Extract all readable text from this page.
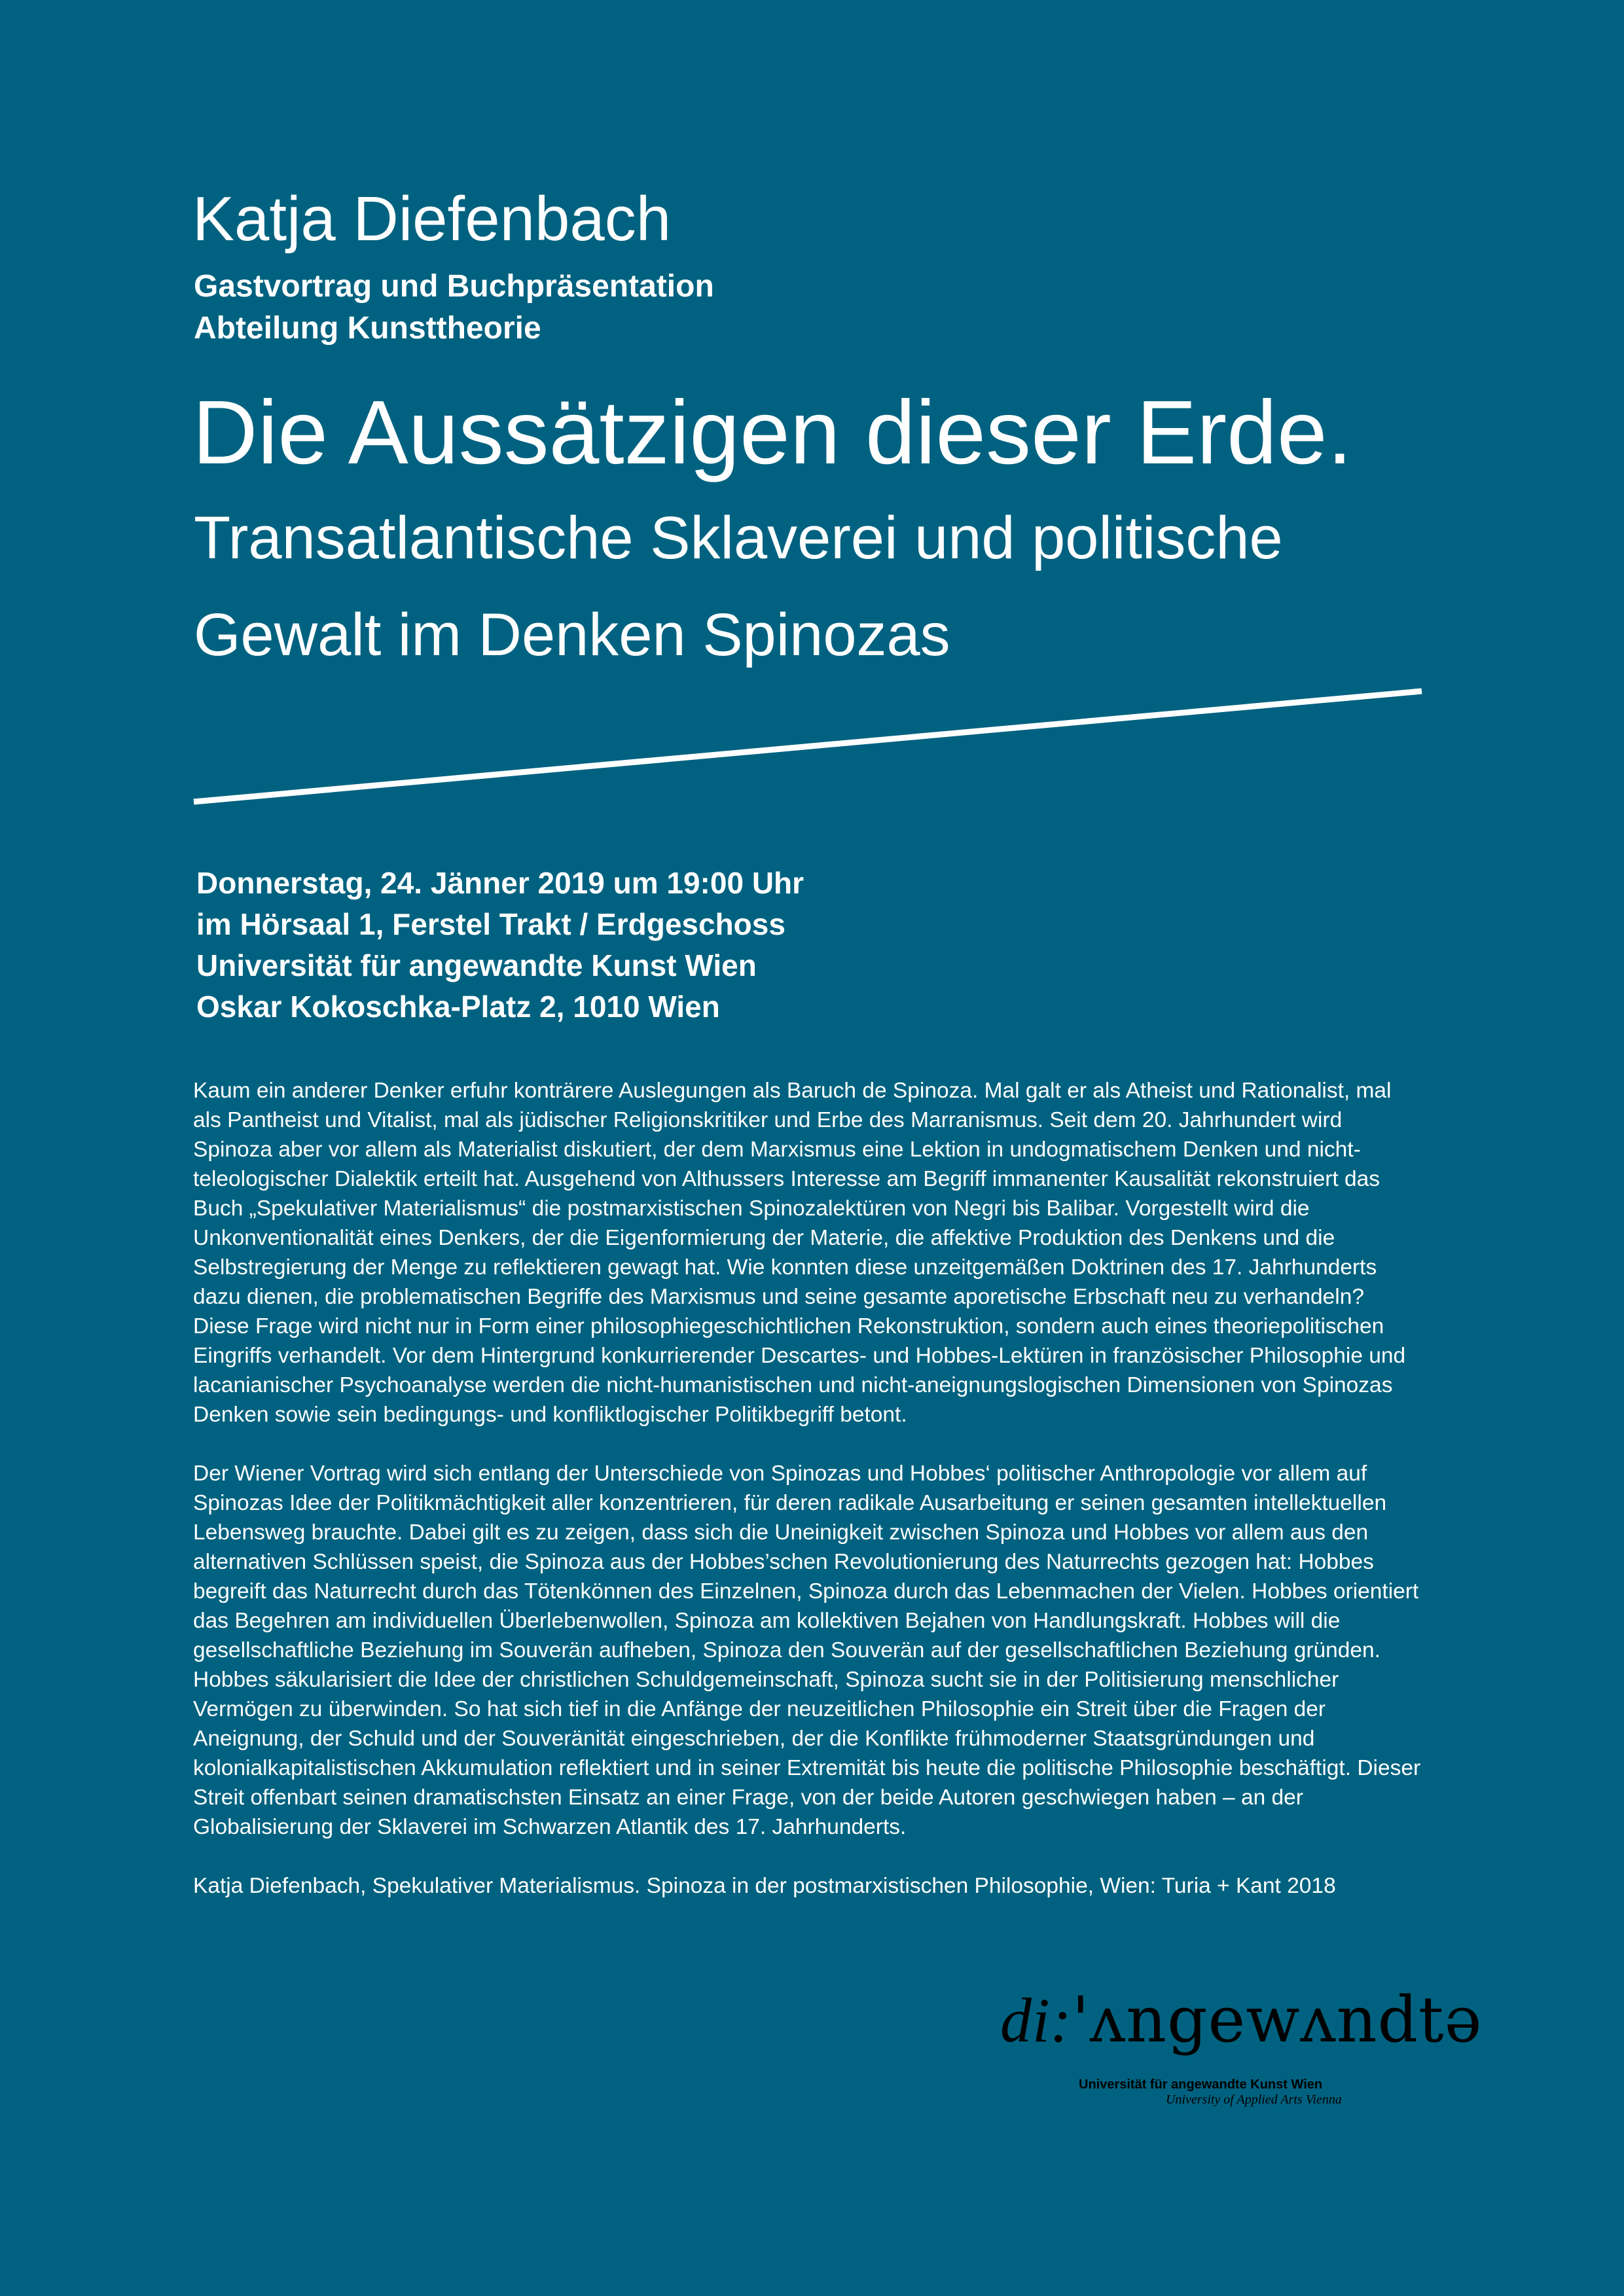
Katja Diefenbach
Gastvortrag und Buchpräsentation
Abteilung Kunsttheorie
Die Aussätzigen dieser Erde.
Transatlantische Sklaverei und politische
Gewalt im Denken Spinozas
Donnerstag, 24. Jänner 2019 um 19:00 Uhr
im Hörsaal 1, Ferstel Trakt / Erdgeschoss
Universität für angewandte Kunst Wien
Oskar Kokoschka-Platz 2, 1010 Wien

Kaum ein anderer Denker erfuhr konträrere Auslegungen als Baruch de Spinoza. Mal galt er als Atheist und Rationalist, mal als Pantheist und Vitalist, mal als jüdischer Religionskritiker und Erbe des Marranismus. Seit dem 20. Jahrhundert wird Spinoza aber vor allem als Materialist diskutiert, der dem Marxismus eine Lektion in undogmatischem Denken und nicht-teleologischer Dialektik erteilt hat. Ausgehend von Althussers Interesse am Begriff immanenter Kausalität rekonstruiert das Buch „Spekulativer Materialismus“ die postmarxistischen Spinozalektüren von Negri bis Balibar. Vorgestellt wird die Unkonventionalität eines Denkers, der die Eigenformierung der Materie, die affektive Produktion des Denkens und die Selbstregierung der Menge zu reflektieren gewagt hat. Wie konnten diese unzeitgemäßen Doktrinen des 17. Jahrhunderts dazu dienen, die problematischen Begriffe des Marxismus und seine gesamte aporetische Erbschaft neu zu verhandeln? Diese Frage wird nicht nur in Form einer philosophiegeschichtlichen Rekonstruktion, sondern auch eines theoriepolitischen Eingriffs verhandelt. Vor dem Hintergrund konkurrierender Descartes- und Hobbes-Lektüren in französischer Philosophie und lacanianischer Psychoanalyse werden die nicht-humanistischen und nicht-aneignungslogischen Dimensionen von Spinozas Denken sowie sein bedingungs- und konfliktlogischer Politikbegriff betont.

Der Wiener Vortrag wird sich entlang der Unterschiede von Spinozas und Hobbes‘ politischer Anthropologie vor allem auf Spinozas Idee der Politikmächtigkeit aller konzentrieren, für deren radikale Ausarbeitung er seinen gesamten intellektuellen Lebensweg brauchte. Dabei gilt es zu zeigen, dass sich die Uneinigkeit zwischen Spinoza und Hobbes vor allem aus den alternativen Schlüssen speist, die Spinoza aus der Hobbes’schen Revolutionierung des Naturrechts gezogen hat: Hobbes begreift das Naturrecht durch das Tötenkönnen des Einzelnen, Spinoza durch das Lebenmachen der Vielen. Hobbes orientiert das Begehren am individuellen Überlebenwollen, Spinoza am kollektiven Bejahen von Handlungskraft. Hobbes will die gesellschaftliche Beziehung im Souverän aufheben, Spinoza den Souverän auf der gesellschaftlichen Beziehung gründen. Hobbes säkularisiert die Idee der christlichen Schuldgemeinschaft, Spinoza sucht sie in der Politisierung menschlicher Vermögen zu überwinden. So hat sich tief in die Anfänge der neuzeitlichen Philosophie ein Streit über die Fragen der Aneignung, der Schuld und der Souveränität eingeschrieben, der die Konflikte frühmoderner Staatsgründungen und kolonialkapitalistischen Akkumulation reflektiert und in seiner Extremität bis heute die politische Philosophie beschäftigt. Dieser Streit offenbart seinen dramatischsten Einsatz an einer Frage, von der beide Autoren geschwiegen haben – an der Globalisierung der Sklaverei im Schwarzen Atlantik des 17. Jahrhunderts.

Katja Diefenbach, Spekulativer Materialismus. Spinoza in der postmarxistischen Philosophie, Wien: Turia + Kant 2018

di:'ʌngewʌndtə
Universität für angewandte Kunst Wien
University of Applied Arts Vienna
